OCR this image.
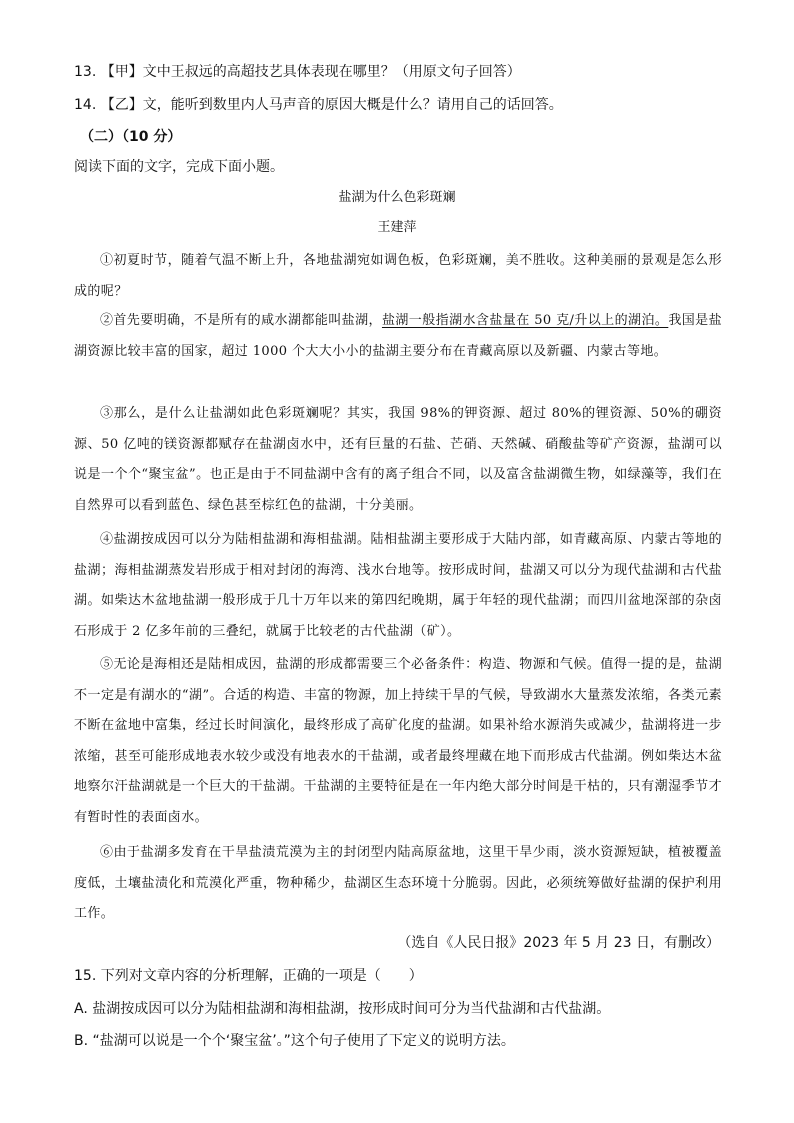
13. 【甲】文中王叔远的高超技艺具体表现在哪里？（用原文句子回答）
14. 【乙】文，能听到数里内人马声音的原因大概是什么？请用自己的话回答。
（二）（10 分）
阅读下面的文字，完成下面小题。
盐湖为什么色彩斑斓
王建萍
①初夏时节，随着气温不断上升，各地盐湖宛如调色板，色彩斑斓，美不胜收。这种美丽的景观是怎么形成的呢？
②首先要明确，不是所有的咸水湖都能叫盐湖，盐湖一般指湖水含盐量在 50 克/升以上的湖泊。我国是盐湖资源比较丰富的国家，超过 1000 个大大小小的盐湖主要分布在青藏高原以及新疆、内蒙古等地。
③那么，是什么让盐湖如此色彩斑斓呢？其实，我国 98%的钾资源、超过 80%的锂资源、50%的硼资源、50 亿吨的镁资源都赋存在盐湖卤水中，还有巨量的石盐、芒硝、天然碱、硝酸盐等矿产资源，盐湖可以说是一个个“聚宝盆”。也正是由于不同盐湖中含有的离子组合不同，以及富含盐湖微生物，如绿藻等，我们在自然界可以看到蓝色、绿色甚至棕红色的盐湖，十分美丽。
④盐湖按成因可以分为陆相盐湖和海相盐湖。陆相盐湖主要形成于大陆内部，如青藏高原、内蒙古等地的盐湖；海相盐湖蒸发岩形成于相对封闭的海湾、浅水台地等。按形成时间，盐湖又可以分为现代盐湖和古代盐湖。如柴达木盆地盐湖一般形成于几十万年以来的第四纪晚期，属于年轻的现代盐湖；而四川盆地深部的杂卤石形成于 2 亿多年前的三叠纪，就属于比较老的古代盐湖（矿）。
⑤无论是海相还是陆相成因，盐湖的形成都需要三个必备条件：构造、物源和气候。值得一提的是，盐湖不一定是有湖水的“湖”。合适的构造、丰富的物源，加上持续干旱的气候，导致湖水大量蒸发浓缩，各类元素不断在盆地中富集，经过长时间演化，最终形成了高矿化度的盐湖。如果补给水源消失或减少，盐湖将进一步浓缩，甚至可能形成地表水较少或没有地表水的干盐湖，或者最终埋藏在地下而形成古代盐湖。例如柴达木盆地察尔汗盐湖就是一个巨大的干盐湖。干盐湖的主要特征是在一年内绝大部分时间是干枯的，只有潮湿季节才有暂时性的表面卤水。
⑥由于盐湖多发育在干旱盐渍荒漠为主的封闭型内陆高原盆地，这里干旱少雨，淡水资源短缺，植被覆盖度低，土壤盐渍化和荒漠化严重，物种稀少，盐湖区生态环境十分脆弱。因此，必须统筹做好盐湖的保护利用工作。
（选自《人民日报》2023 年 5 月 23 日，有删改）
15. 下列对文章内容的分析理解，正确的一项是（　　）
A. 盐湖按成因可以分为陆相盐湖和海相盐湖，按形成时间可分为当代盐湖和古代盐湖。
B. “盐湖可以说是一个个‘聚宝盆’。”这个句子使用了下定义的说明方法。
